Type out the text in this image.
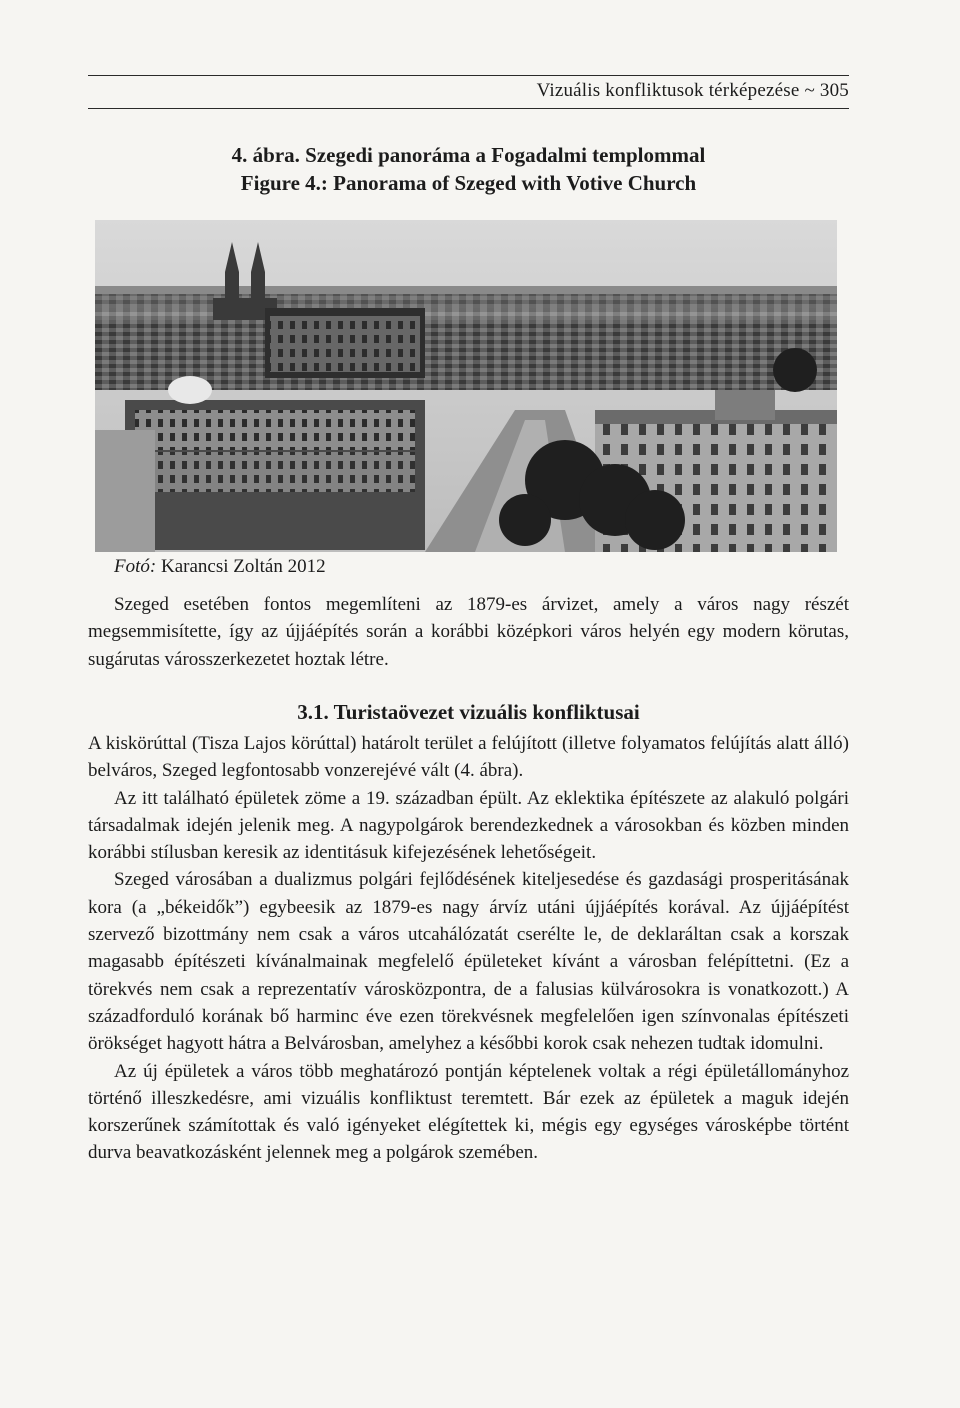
Vizuális konfliktusok térképezése ~ 305
4. ábra. Szegedi panoráma a Fogadalmi templommal
Figure 4.: Panorama of Szeged with Votive Church
Fotó: Karancsi Zoltán 2012

Szeged esetében fontos megemlíteni az 1879-es árvizet, amely a város nagy részét megsemmisítette, így az újjáépítés során a korábbi középkori város helyén egy modern körutas, sugárutas városszerkezetet hoztak létre.

3.1. Turistaövezet vizuális konfliktusai

A kiskörúttal (Tisza Lajos körúttal) határolt terület a felújított (illetve folyamatos felújítás alatt álló) belváros, Szeged legfontosabb vonzerejévé vált (4. ábra).

Az itt található épületek zöme a 19. században épült. Az eklektika építészete az alakuló polgári társadalmak idején jelenik meg. A nagypolgárok berendezkednek a városokban és közben minden korábbi stílusban keresik az identitásuk kifejezésének lehetőségeit.

Szeged városában a dualizmus polgári fejlődésének kiteljesedése és gazdasági prosperitásának kora (a „békeidők”) egybeesik az 1879-es nagy árvíz utáni újjáépítés korával. Az újjáépítést szervező bizottmány nem csak a város utcahálózatát cserélte le, de deklaráltan csak a korszak magasabb építészeti kívánalmainak megfelelő épületeket kívánt a városban felépíttetni. (Ez a törekvés nem csak a reprezentatív városközpontra, de a falusias külvárosokra is vonatkozott.) A századforduló korának bő harminc éve ezen törekvésnek megfelelően igen színvonalas építészeti örökséget hagyott hátra a Belvárosban, amelyhez a későbbi korok csak nehezen tudtak idomulni.

Az új épületek a város több meghatározó pontján képtelenek voltak a régi épületállományhoz történő illeszkedésre, ami vizuális konfliktust teremtett. Bár ezek az épületek a maguk idején korszerűnek számítottak és való igényeket elégítettek ki, mégis egy egységes városképbe történt durva beavatkozásként jelennek meg a polgárok szemében.
